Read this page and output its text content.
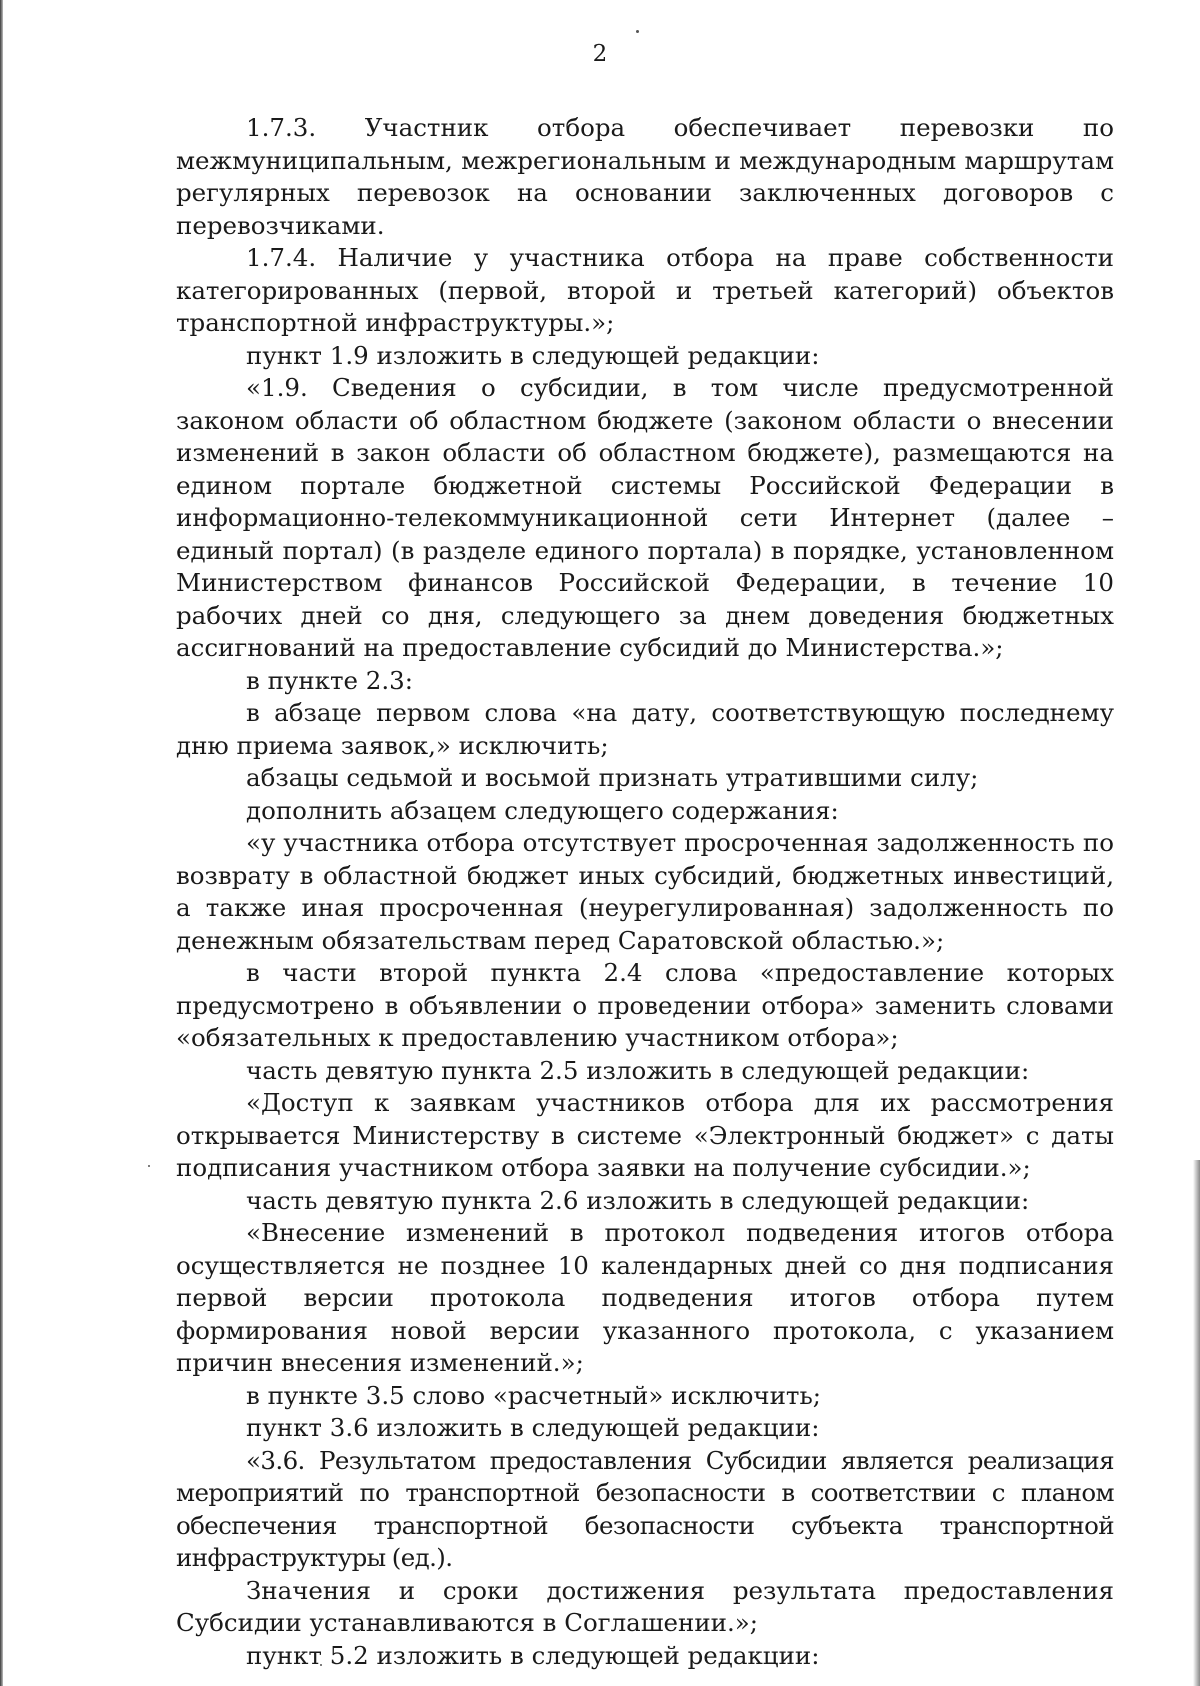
2

1.7.3. Участник отбора обеспечивает перевозки по межмуниципальным, межрегиональным и международным маршрутам регулярных перевозок на основании заключенных договоров с перевозчиками.

1.7.4. Наличие у участника отбора на праве собственности категорированных (первой, второй и третьей категорий) объектов транспортной инфраструктуры.»;

пункт 1.9 изложить в следующей редакции:

«1.9. Сведения о субсидии, в том числе предусмотренной законом области об областном бюджете (законом области о внесении изменений в закон области об областном бюджете), размещаются на едином портале бюджетной системы Российской Федерации в информационно-телекоммуникационной сети Интернет (далее – единый портал) (в разделе единого портала) в порядке, установленном Министерством финансов Российской Федерации, в течение 10 рабочих дней со дня, следующего за днем доведения бюджетных ассигнований на предоставление субсидий до Министерства.»;

в пункте 2.3:

в абзаце первом слова «на дату, соответствующую последнему дню приема заявок,» исключить;

абзацы седьмой и восьмой признать утратившими силу;

дополнить абзацем следующего содержания:

«у участника отбора отсутствует просроченная задолженность по возврату в областной бюджет иных субсидий, бюджетных инвестиций, а также иная просроченная (неурегулированная) задолженность по денежным обязательствам перед Саратовской областью.»;

в части второй пункта 2.4 слова «предоставление которых предусмотрено в объявлении о проведении отбора» заменить словами «обязательных к предоставлению участником отбора»;

часть девятую пункта 2.5 изложить в следующей редакции:

«Доступ к заявкам участников отбора для их рассмотрения открывается Министерству в системе «Электронный бюджет» с даты подписания участником отбора заявки на получение субсидии.»;

часть девятую пункта 2.6 изложить в следующей редакции:

«Внесение изменений в протокол подведения итогов отбора осуществляется не позднее 10 календарных дней со дня подписания первой версии протокола подведения итогов отбора путем формирования новой версии указанного протокола, с указанием причин внесения изменений.»;

в пункте 3.5 слово «расчетный» исключить;

пункт 3.6 изложить в следующей редакции:

«3.6. Результатом предоставления Субсидии является реализация мероприятий по транспортной безопасности в соответствии с планом обеспечения транспортной безопасности субъекта транспортной инфраструктуры (ед.).

Значения и сроки достижения результата предоставления Субсидии устанавливаются в Соглашении.»;

пункт 5.2 изложить в следующей редакции:
